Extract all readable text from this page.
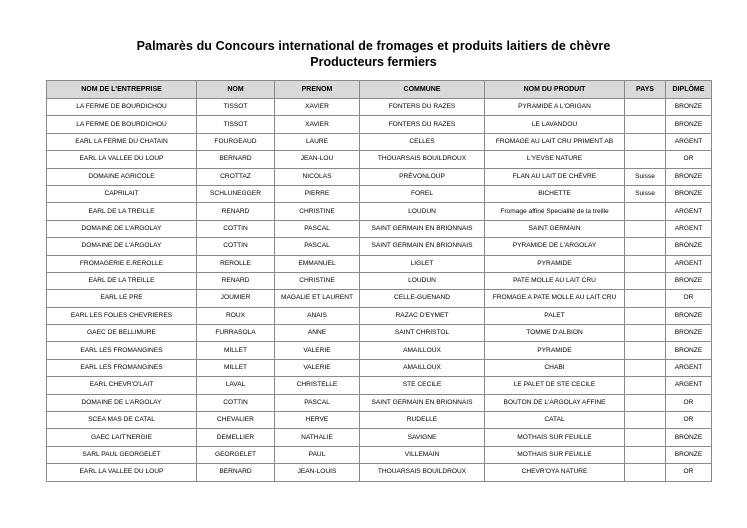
Palmarès du Concours international de fromages et produits laitiers de chèvre
Producteurs fermiers
NOM DE L'ENTREPRISE	NOM	PRENOM	COMMUNE	NOM DU PRODUIT	PAYS	DIPLÔME
LA FERME DE BOURDICHOU	TISSOT	XAVIER	FONTERS DU RAZES	PYRAMIDE A L'ORIGAN		BRONZE
LA FERME DE BOURDICHOU	TISSOT	XAVIER	FONTERS DU RAZES	LE LAVANDOU		BRONZE
EARL LA FERME DU CHATAIN	FOURGEAUD	LAURE	CELLES	FROMAGE AU LAIT CRU PRIMENT AB		ARGENT
EARL LA VALLEE DU LOUP	BERNARD	JEAN-LOU	THOUARSAIS BOUILDROUX	L'YEVSE NATURE		OR
DOMAINE AGRICOLE	CROTTAZ	NICOLAS	PRÉVONLOUP	FLAN AU LAIT DE CHÈVRE	Suisse	BRONZE
CAPRILAIT	SCHLUNEGGER	PIERRE	FOREL	BICHETTE	Suisse	BRONZE
EARL DE LA TREILLE	RENARD	CHRISTINE	LOUDUN	Fromage affiné Specialité de la treille		ARGENT
DOMAINE DE L'ARGOLAY	COTTIN	PASCAL	SAINT GERMAIN EN BRIONNAIS	SAINT GERMAIN		ARGENT
DOMAINE DE L'ARGOLAY	COTTIN	PASCAL	SAINT GERMAIN EN BRIONNAIS	PYRAMIDE DE L'ARGOLAY		BRONZE
FROMAGERIE E.REROLLE	REROLLE	EMMANUEL	LIGLET	PYRAMIDE		ARGENT
EARL DE LA TREILLE	RENARD	CHRISTINE	LOUDUN	PATE MOLLE AU LAIT CRU		BRONZE
EARL LE PRE	JOUMIER	MAGALIE ET LAURENT	CELLE-GUENAND	FROMAGE A PATE MOLLE AU LAIT CRU		OR
EARL LES FOLIES CHEVRIERES	ROUX	ANAIS	RAZAC D'EYMET	PALET		BRONZE
GAEC DE BELLIMURE	FURRASOLA	ANNE	SAINT CHRISTOL	TOMME D'ALBION		BRONZE
EARL LES FROMANGINES	MILLET	VALERIE	AMAILLOUX	PYRAMIDE		BRONZE
EARL LES FROMANGINES	MILLET	VALERIE	AMAILLOUX	CHABI		ARGENT
EARL CHEVR'O'LAIT	LAVAL	CHRISTELLE	STE CECILE	LE PALET DE STE CECILE		ARGENT
DOMAINE DE L'ARGOLAY	COTTIN	PASCAL	SAINT GERMAIN EN BRIONNAIS	BOUTON DE L'ARGOLAY AFFINE		OR
SCEA MAS DE CATAL	CHEVALIER	HERVE	RUDELLE	CATAL		OR
GAEC LAIT'NERGIE	DEMELLIER	NATHALIE	SAVIGNE	MOTHAIS SUR FEUILLE		BRONZE
SARL PAUL GEORGELET	GEORGELET	PAUL	VILLEMAIN	MOTHAIS SUR FEUILLE		BRONZE
EARL LA VALLEE DU LOUP	BERNARD	JEAN-LOUIS	THOUARSAIS BOUILDROUX	CHEVR'OYA NATURE		OR
